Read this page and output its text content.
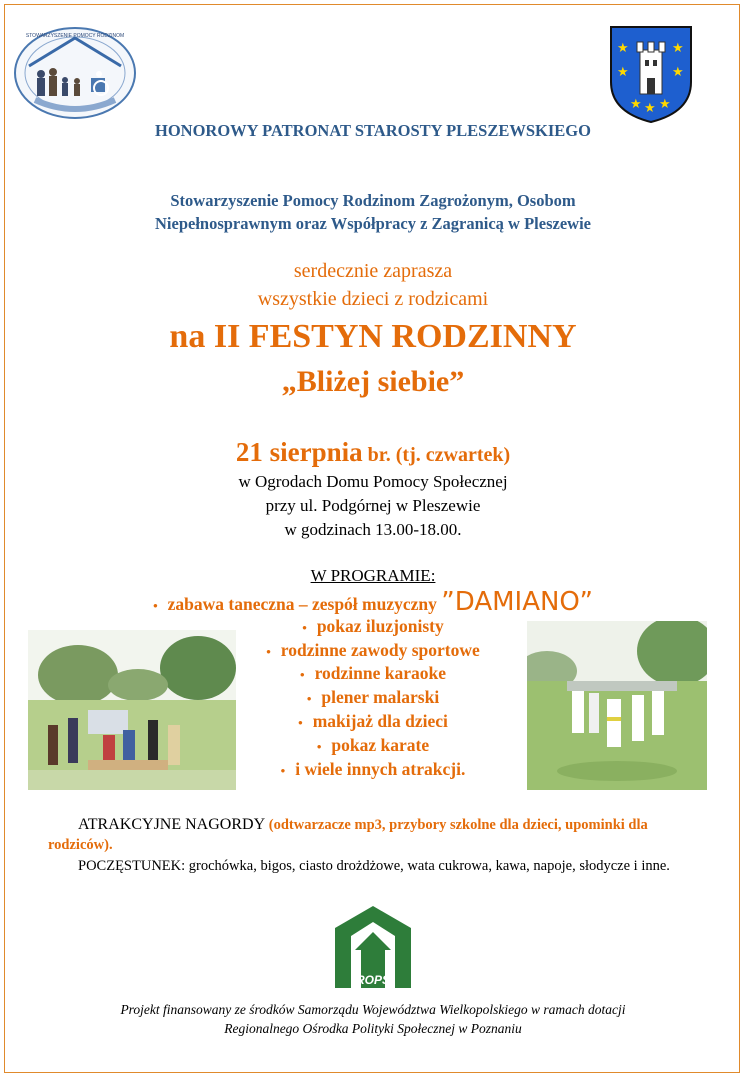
STOWARZYSZENIE POMOCY RODZINOM
★	★
★	★
★ ★
★
HONOROWY PATRONAT STAROSTY PLESZEWSKIEGO
Stowarzyszenie Pomocy Rodzinom Zagrożonym, Osobom
Niepełnosprawnym oraz Współpracy z Zagranicą w Pleszewie
serdecznie zaprasza
wszystkie dzieci z rodzicami
na II FESTYN RODZINNY
„Bliżej siebie”
21 sierpnia br. (tj. czwartek)
w Ogrodach Domu Pomocy Społecznej
przy ul. Podgórnej w Pleszewie
w godzinach 13.00-18.00.
W PROGRAMIE:
• zabawa taneczna – zespół muzyczny ”DAMIANO”
• pokaz iluzjonisty
• rodzinne zawody sportowe
• rodzinne karaoke
• plener malarski
• makijaż dla dzieci
• pokaz karate
• i wiele innych atrakcji.
ATRAKCYJNE NAGORDY (odtwarzacze mp3, przybory szkolne dla dzieci, upominki dla rodziców).
POCZĘSTUNEK: grochówka, bigos, ciasto drożdżowe, wata cukrowa, kawa, napoje, słodycze i inne.
ROPS
Projekt finansowany ze środków Samorządu Województwa Wielkopolskiego w ramach dotacji
Regionalnego Ośrodka Polityki Społecznej w Poznaniu
